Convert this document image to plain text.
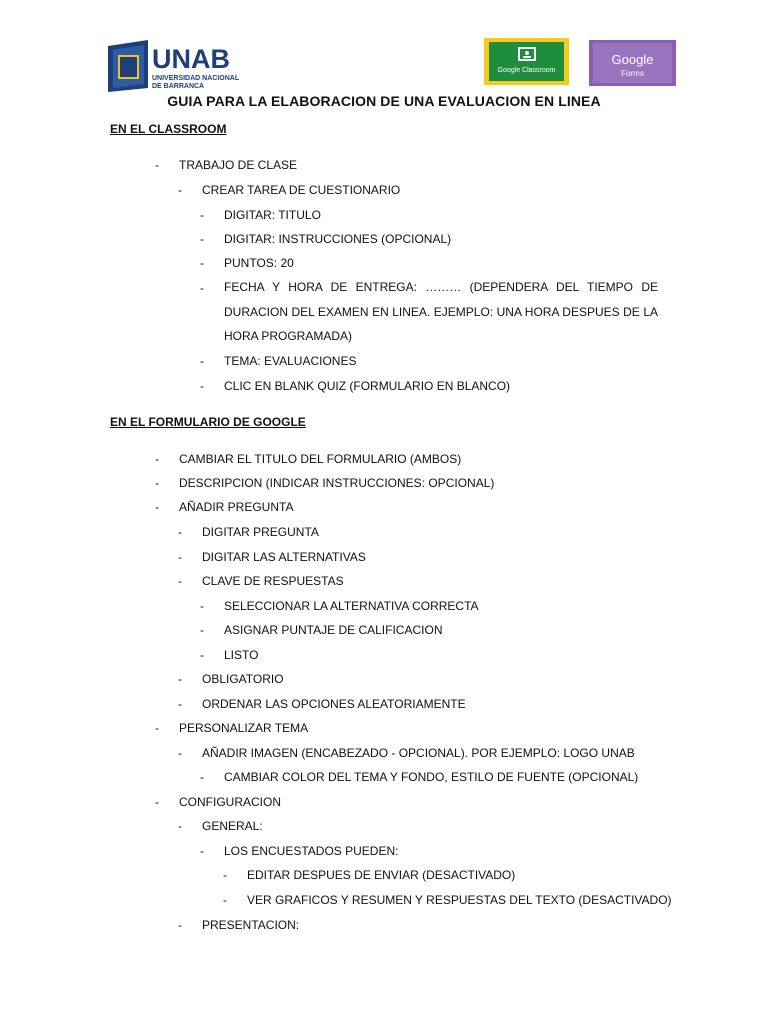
UNAB
UNIVERSIDAD NACIONAL
DE BARRANCA
Google Classroom
Google
Forms
GUIA PARA LA ELABORACION DE UNA EVALUACION EN LINEA
EN EL CLASSROOM
-	TRABAJO DE CLASE
-	CREAR TAREA DE CUESTIONARIO
-	DIGITAR: TITULO
-	DIGITAR: INSTRUCCIONES (OPCIONAL)
-	PUNTOS: 20
-	FECHA Y HORA DE ENTREGA: ……… (DEPENDERA DEL TIEMPO DE DURACION DEL EXAMEN EN LINEA. EJEMPLO: UNA HORA DESPUES DE LA HORA PROGRAMADA)
-	TEMA: EVALUACIONES
-	CLIC EN BLANK QUIZ (FORMULARIO EN BLANCO)
EN EL FORMULARIO DE GOOGLE
-	CAMBIAR EL TITULO DEL FORMULARIO (AMBOS)
-	DESCRIPCION (INDICAR INSTRUCCIONES: OPCIONAL)
-	AÑADIR PREGUNTA
-	DIGITAR PREGUNTA
-	DIGITAR LAS ALTERNATIVAS
-	CLAVE DE RESPUESTAS
-	SELECCIONAR LA ALTERNATIVA CORRECTA
-	ASIGNAR PUNTAJE DE CALIFICACION
-	LISTO
-	OBLIGATORIO
-	ORDENAR LAS OPCIONES ALEATORIAMENTE
-	PERSONALIZAR TEMA
-	AÑADIR IMAGEN (ENCABEZADO - OPCIONAL). POR EJEMPLO: LOGO UNAB
-	CAMBIAR COLOR DEL TEMA Y FONDO, ESTILO DE FUENTE (OPCIONAL)
-	CONFIGURACION
-	GENERAL:
-	LOS ENCUESTADOS PUEDEN:
-	EDITAR DESPUES DE ENVIAR (DESACTIVADO)
-	VER GRAFICOS Y RESUMEN Y RESPUESTAS DEL TEXTO (DESACTIVADO)
-	PRESENTACION:
